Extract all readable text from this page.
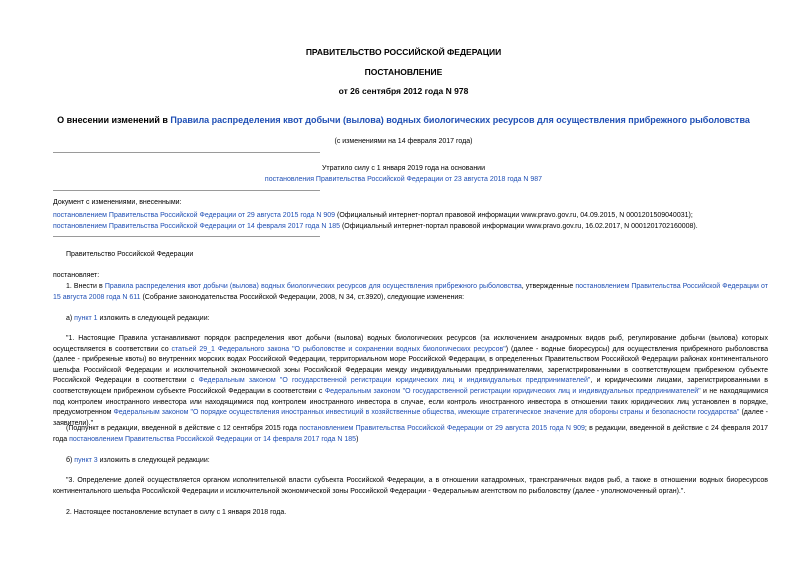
ПРАВИТЕЛЬСТВО РОССИЙСКОЙ ФЕДЕРАЦИИ
ПОСТАНОВЛЕНИЕ
от 26 сентября 2012 года N 978
О внесении изменений в Правила распределения квот добычи (вылова) водных биологических ресурсов для осуществления прибрежного рыболовства
(с изменениями на 14 февраля 2017 года)
Утратило силу с 1 января 2019 года на основании
постановления Правительства Российской Федерации от 23 августа 2018 года N 987
Документ с изменениями, внесенными:
постановлением Правительства Российской Федерации от 29 августа 2015 года N 909 (Официальный интернет-портал правовой информации www.pravo.gov.ru, 04.09.2015, N 0001201509040031);
постановлением Правительства Российской Федерации от 14 февраля 2017 года N 185 (Официальный интернет-портал правовой информации www.pravo.gov.ru, 16.02.2017, N 0001201702160008).
Правительство Российской Федерации
постановляет:
1. Внести в Правила распределения квот добычи (вылова) водных биологических ресурсов для осуществления прибрежного рыболовства, утвержденные постановлением Правительства Российской Федерации от 15 августа 2008 года N 611 (Собрание законодательства Российской Федерации, 2008, N 34, ст.3920), следующие изменения:
а) пункт 1 изложить в следующей редакции:
"1. Настоящие Правила устанавливают порядок распределения квот добычи (вылова) водных биологических ресурсов (за исключением анадромных видов рыб, регулирование добычи (вылова) которых осуществляется в соответствии со статьей 29_1 Федерального закона "О рыболовстве и сохранении водных биологических ресурсов") (далее - водные биоресурсы) для осуществления прибрежного рыболовства (далее - прибрежные квоты) во внутренних морских водах Российской Федерации, территориальном море Российской Федерации, в определенных Правительством Российской Федерации районах континентального шельфа Российской Федерации и исключительной экономической зоны Российской Федерации между индивидуальными предпринимателями, зарегистрированными в соответствующем прибрежном субъекте Российской Федерации в соответствии с Федеральным законом "О государственной регистрации юридических лиц и индивидуальных предпринимателей", и юридическими лицами, зарегистрированными в соответствующем прибрежном субъекте Российской Федерации в соответствии с Федеральным законом "О государственной регистрации юридических лиц и индивидуальных предпринимателей" и не находящимися под контролем иностранного инвестора или находящимися под контролем иностранного инвестора в случае, если контроль иностранного инвестора в отношении таких юридических лиц установлен в порядке, предусмотренном Федеральным законом "О порядке осуществления иностранных инвестиций в хозяйственные общества, имеющие стратегическое значение для обороны страны и безопасности государства" (далее - заявители)."
(Подпункт в редакции, введенной в действие с 12 сентября 2015 года постановлением Правительства Российской Федерации от 29 августа 2015 года N 909; в редакции, введенной в действие с 24 февраля 2017 года постановлением Правительства Российской Федерации от 14 февраля 2017 года N 185)
б) пункт 3 изложить в следующей редакции:
"3. Определение долей осуществляется органом исполнительной власти субъекта Российской Федерации, а в отношении катадромных, трансграничных видов рыб, а также в отношении водных биоресурсов континентального шельфа Российской Федерации и исключительной экономической зоны Российской Федерации - Федеральным агентством по рыболовству (далее - уполномоченный орган).".
2. Настоящее постановление вступает в силу с 1 января 2018 года.
